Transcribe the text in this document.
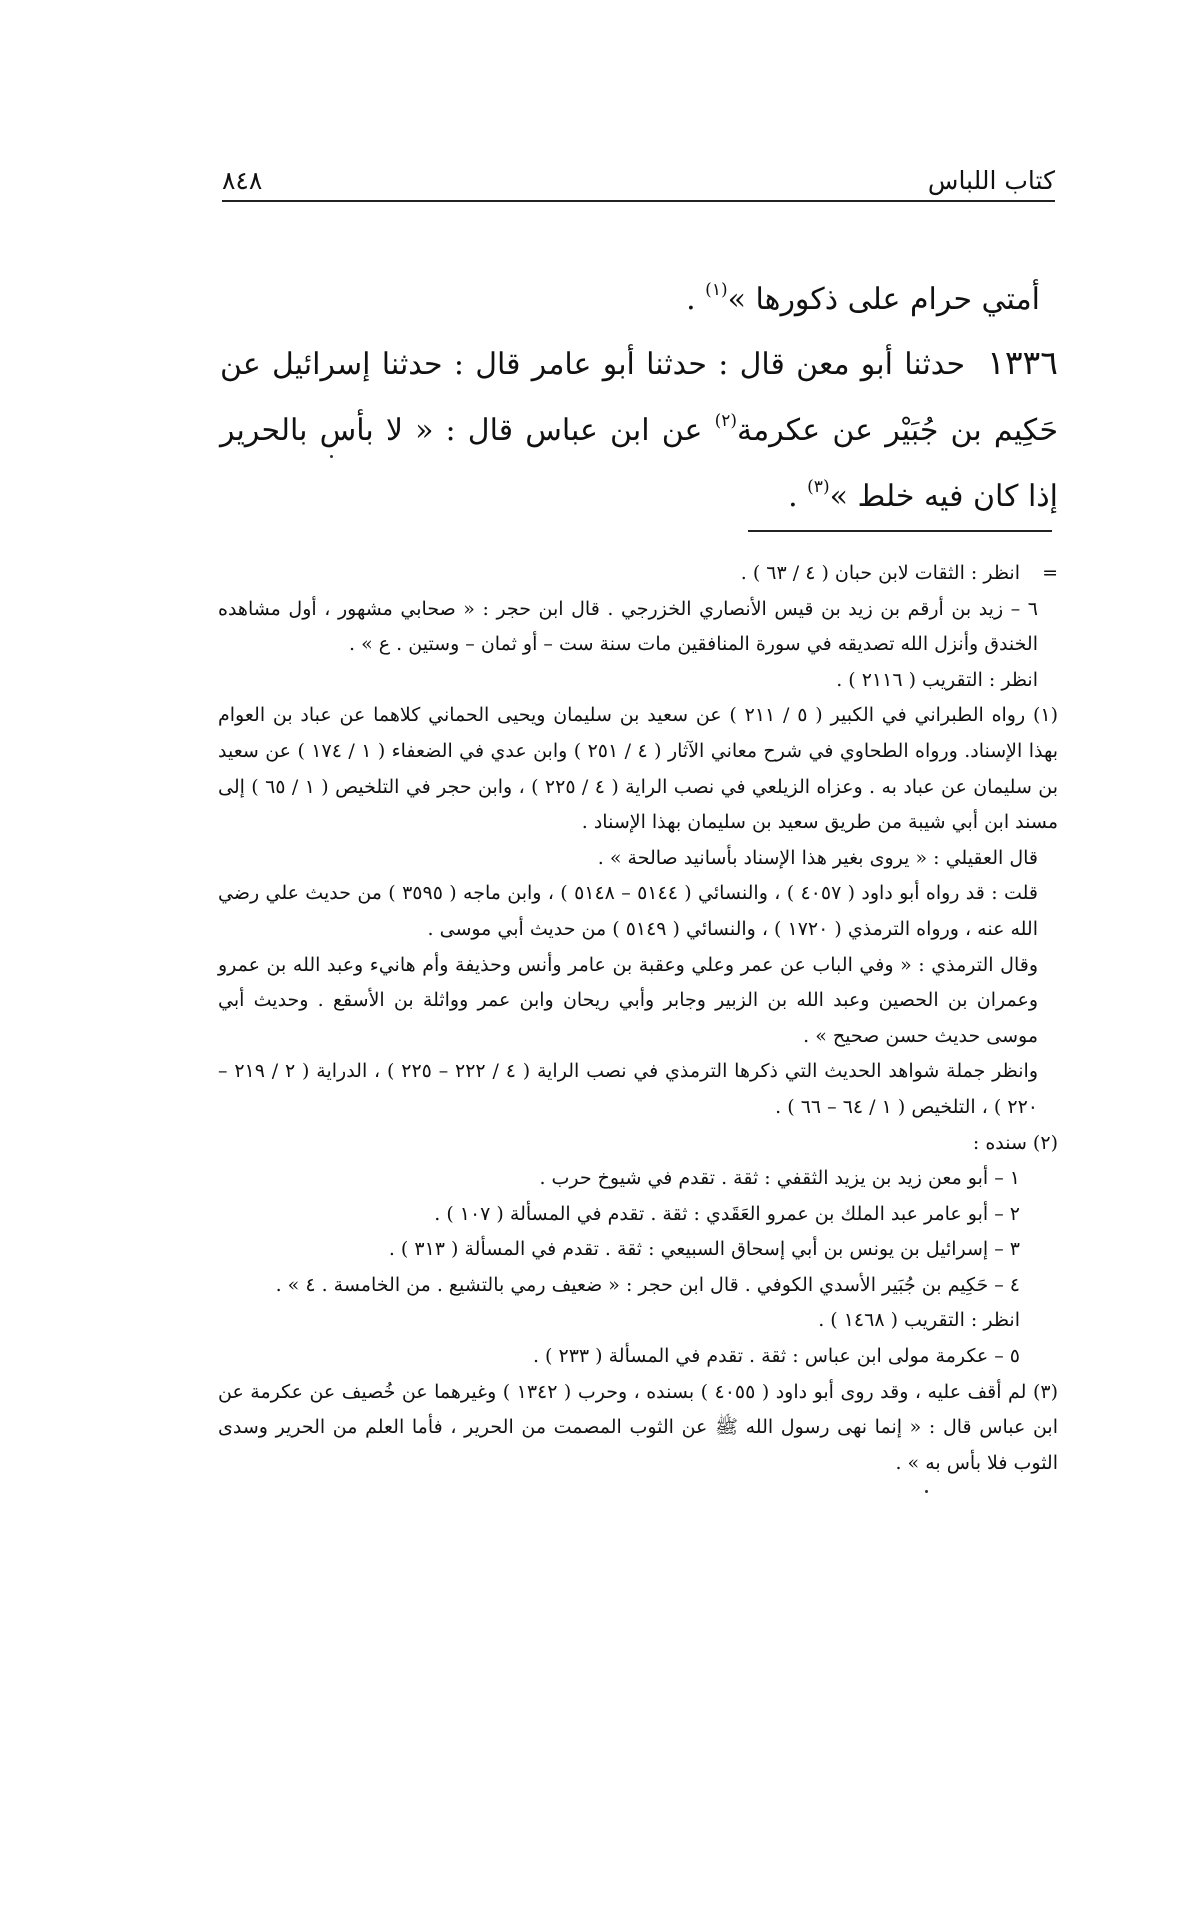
كتاب اللباس
٨٤٨

أمتي حرام على ذكورها »$^{(١)}$ .

١٣٣٦حدثنا أبو معن قال : حدثنا أبو عامر قال : حدثنا إسرائيل عن حَكِيم بن جُبَيْر عن عكرمة$^{(٢)}$ عن ابن عباس قال : « لا بأس بالحرير إذا كان فيه خلط »$^{(٣)}$ .

=انظر : الثقات لابن حبان ( ٤ / ٦٣ ) .

٦ – زيد بن أرقم بن زيد بن قيس الأنصاري الخزرجي . قال ابن حجر : « صحابي مشهور ، أول مشاهده الخندق وأنزل الله تصديقه في سورة المنافقين مات سنة ست – أو ثمان – وستين . ع » .

انظر : التقريب ( ٢١١٦ ) .

(١) رواه الطبراني في الكبير ( ٥ / ٢١١ ) عن سعيد بن سليمان ويحيى الحماني كلاهما عن عباد بن العوام بهذا الإسناد. ورواه الطحاوي في شرح معاني الآثار ( ٤ / ٢٥١ ) وابن عدي في الضعفاء ( ١ / ١٧٤ ) عن سعيد بن سليمان عن عباد به . وعزاه الزيلعي في نصب الراية ( ٤ / ٢٢٥ ) ، وابن حجر في التلخيص ( ١ / ٦٥ ) إلى مسند ابن أبي شيبة من طريق سعيد بن سليمان بهذا الإسناد .

قال العقيلي : « يروى بغير هذا الإسناد بأسانيد صالحة » .

قلت : قد رواه أبو داود ( ٤٠٥٧ ) ، والنسائي ( ٥١٤٤ – ٥١٤٨ ) ، وابن ماجه ( ٣٥٩٥ ) من حديث علي رضي الله عنه ، ورواه الترمذي ( ١٧٢٠ ) ، والنسائي ( ٥١٤٩ ) من حديث أبي موسى .

وقال الترمذي : « وفي الباب عن عمر وعلي وعقبة بن عامر وأنس وحذيفة وأم هانيء وعبد الله بن عمرو وعمران بن الحصين وعبد الله بن الزبير وجابر وأبي ريحان وابن عمر وواثلة بن الأسقع . وحديث أبي موسى حديث حسن صحيح » .

وانظر جملة شواهد الحديث التي ذكرها الترمذي في نصب الراية ( ٤ / ٢٢٢ – ٢٢٥ ) ، الدراية ( ٢ / ٢١٩ – ٢٢٠ ) ، التلخيص ( ١ / ٦٤ – ٦٦ ) .

(٢) سنده :

١ – أبو معن زيد بن يزيد الثقفي : ثقة . تقدم في شيوخ حرب .

٢ – أبو عامر عبد الملك بن عمرو العَقَدي : ثقة . تقدم في المسألة ( ١٠٧ ) .

٣ – إسرائيل بن يونس بن أبي إسحاق السبيعي : ثقة . تقدم في المسألة ( ٣١٣ ) .

٤ – حَكِيم بن جُبَير الأسدي الكوفي . قال ابن حجر : « ضعيف رمي بالتشيع . من الخامسة . ٤ » .

انظر : التقريب ( ١٤٦٨ ) .

٥ – عكرمة مولى ابن عباس : ثقة . تقدم في المسألة ( ٢٣٣ ) .

(٣) لم أقف عليه ، وقد روى أبو داود ( ٤٠٥٥ ) بسنده ، وحرب ( ١٣٤٢ ) وغيرهما عن خُصيف عن عكرمة عن ابن عباس قال : « إنما نهى رسول الله ﷺ عن الثوب المصمت من الحرير ، فأما العلم من الحرير وسدى الثوب فلا بأس به » .
